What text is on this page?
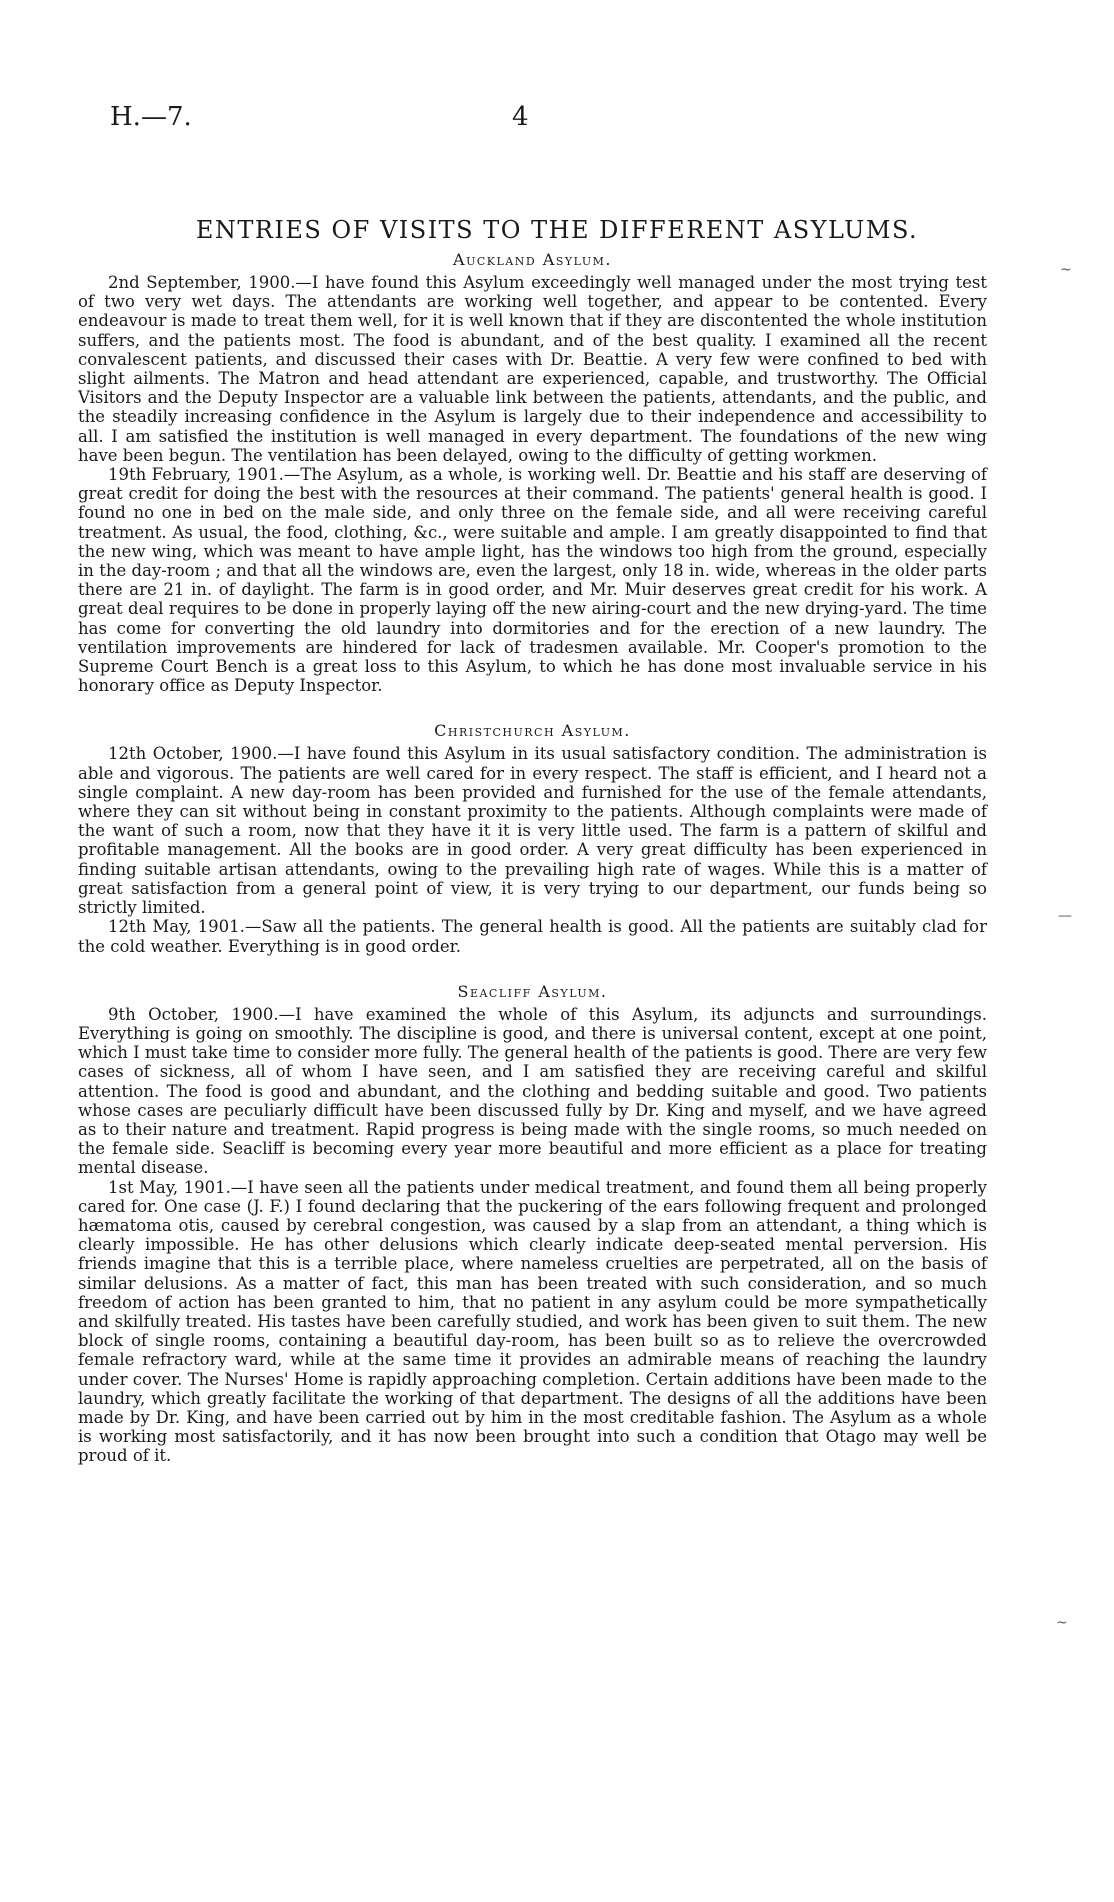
H.—7.	4
ENTRIES OF VISITS TO THE DIFFERENT ASYLUMS.
~
—
~
Auckland Asylum.

2nd September, 1900.—I have found this Asylum exceedingly well managed under the most trying test of two very wet days. The attendants are working well together, and appear to be contented. Every endeavour is made to treat them well, for it is well known that if they are discontented the whole institution suffers, and the patients most. The food is abundant, and of the best quality. I examined all the recent convalescent patients, and discussed their cases with Dr. Beattie. A very few were confined to bed with slight ailments. The Matron and head attendant are experienced, capable, and trustworthy. The Official Visitors and the Deputy Inspector are a valuable link between the patients, attendants, and the public, and the steadily increasing confidence in the Asylum is largely due to their independence and accessibility to all. I am satisfied the institution is well managed in every department. The foundations of the new wing have been begun. The ventilation has been delayed, owing to the difficulty of getting workmen.

19th February, 1901.—The Asylum, as a whole, is working well. Dr. Beattie and his staff are deserving of great credit for doing the best with the resources at their command. The patients' general health is good. I found no one in bed on the male side, and only three on the female side, and all were receiving careful treatment. As usual, the food, clothing, &c., were suitable and ample. I am greatly disappointed to find that the new wing, which was meant to have ample light, has the windows too high from the ground, especially in the day-room ; and that all the windows are, even the largest, only 18 in. wide, whereas in the older parts there are 21 in. of daylight. The farm is in good order, and Mr. Muir deserves great credit for his work. A great deal requires to be done in properly laying off the new airing-court and the new drying-yard. The time has come for converting the old laundry into dormitories and for the erection of a new laundry. The ventilation improvements are hindered for lack of tradesmen available. Mr. Cooper's promotion to the Supreme Court Bench is a great loss to this Asylum, to which he has done most invaluable service in his honorary office as Deputy Inspector.

Christchurch Asylum.

12th October, 1900.—I have found this Asylum in its usual satisfactory condition. The administration is able and vigorous. The patients are well cared for in every respect. The staff is efficient, and I heard not a single complaint. A new day-room has been provided and furnished for the use of the female attendants, where they can sit without being in constant proximity to the patients. Although complaints were made of the want of such a room, now that they have it it is very little used. The farm is a pattern of skilful and profitable management. All the books are in good order. A very great difficulty has been experienced in finding suitable artisan attendants, owing to the prevailing high rate of wages. While this is a matter of great satisfaction from a general point of view, it is very trying to our department, our funds being so strictly limited.

12th May, 1901.—Saw all the patients. The general health is good. All the patients are suitably clad for the cold weather. Everything is in good order.

Seacliff Asylum.

9th October, 1900.—I have examined the whole of this Asylum, its adjuncts and surroundings. Everything is going on smoothly. The discipline is good, and there is universal content, except at one point, which I must take time to consider more fully. The general health of the patients is good. There are very few cases of sickness, all of whom I have seen, and I am satisfied they are receiving careful and skilful attention. The food is good and abundant, and the clothing and bedding suitable and good. Two patients whose cases are peculiarly difficult have been discussed fully by Dr. King and myself, and we have agreed as to their nature and treatment. Rapid progress is being made with the single rooms, so much needed on the female side. Seacliff is becoming every year more beautiful and more efficient as a place for treating mental disease.

1st May, 1901.—I have seen all the patients under medical treatment, and found them all being properly cared for. One case (J. F.) I found declaring that the puckering of the ears following frequent and prolonged hæmatoma otis, caused by cerebral congestion, was caused by a slap from an attendant, a thing which is clearly impossible. He has other delusions which clearly indicate deep-seated mental perversion. His friends imagine that this is a terrible place, where nameless cruelties are perpetrated, all on the basis of similar delusions. As a matter of fact, this man has been treated with such consideration, and so much freedom of action has been granted to him, that no patient in any asylum could be more sympathetically and skilfully treated. His tastes have been carefully studied, and work has been given to suit them. The new block of single rooms, containing a beautiful day-room, has been built so as to relieve the overcrowded female refractory ward, while at the same time it provides an admirable means of reaching the laundry under cover. The Nurses' Home is rapidly approaching completion. Certain additions have been made to the laundry, which greatly facilitate the working of that department. The designs of all the additions have been made by Dr. King, and have been carried out by him in the most creditable fashion. The Asylum as a whole is working most satisfactorily, and it has now been brought into such a condition that Otago may well be proud of it.
